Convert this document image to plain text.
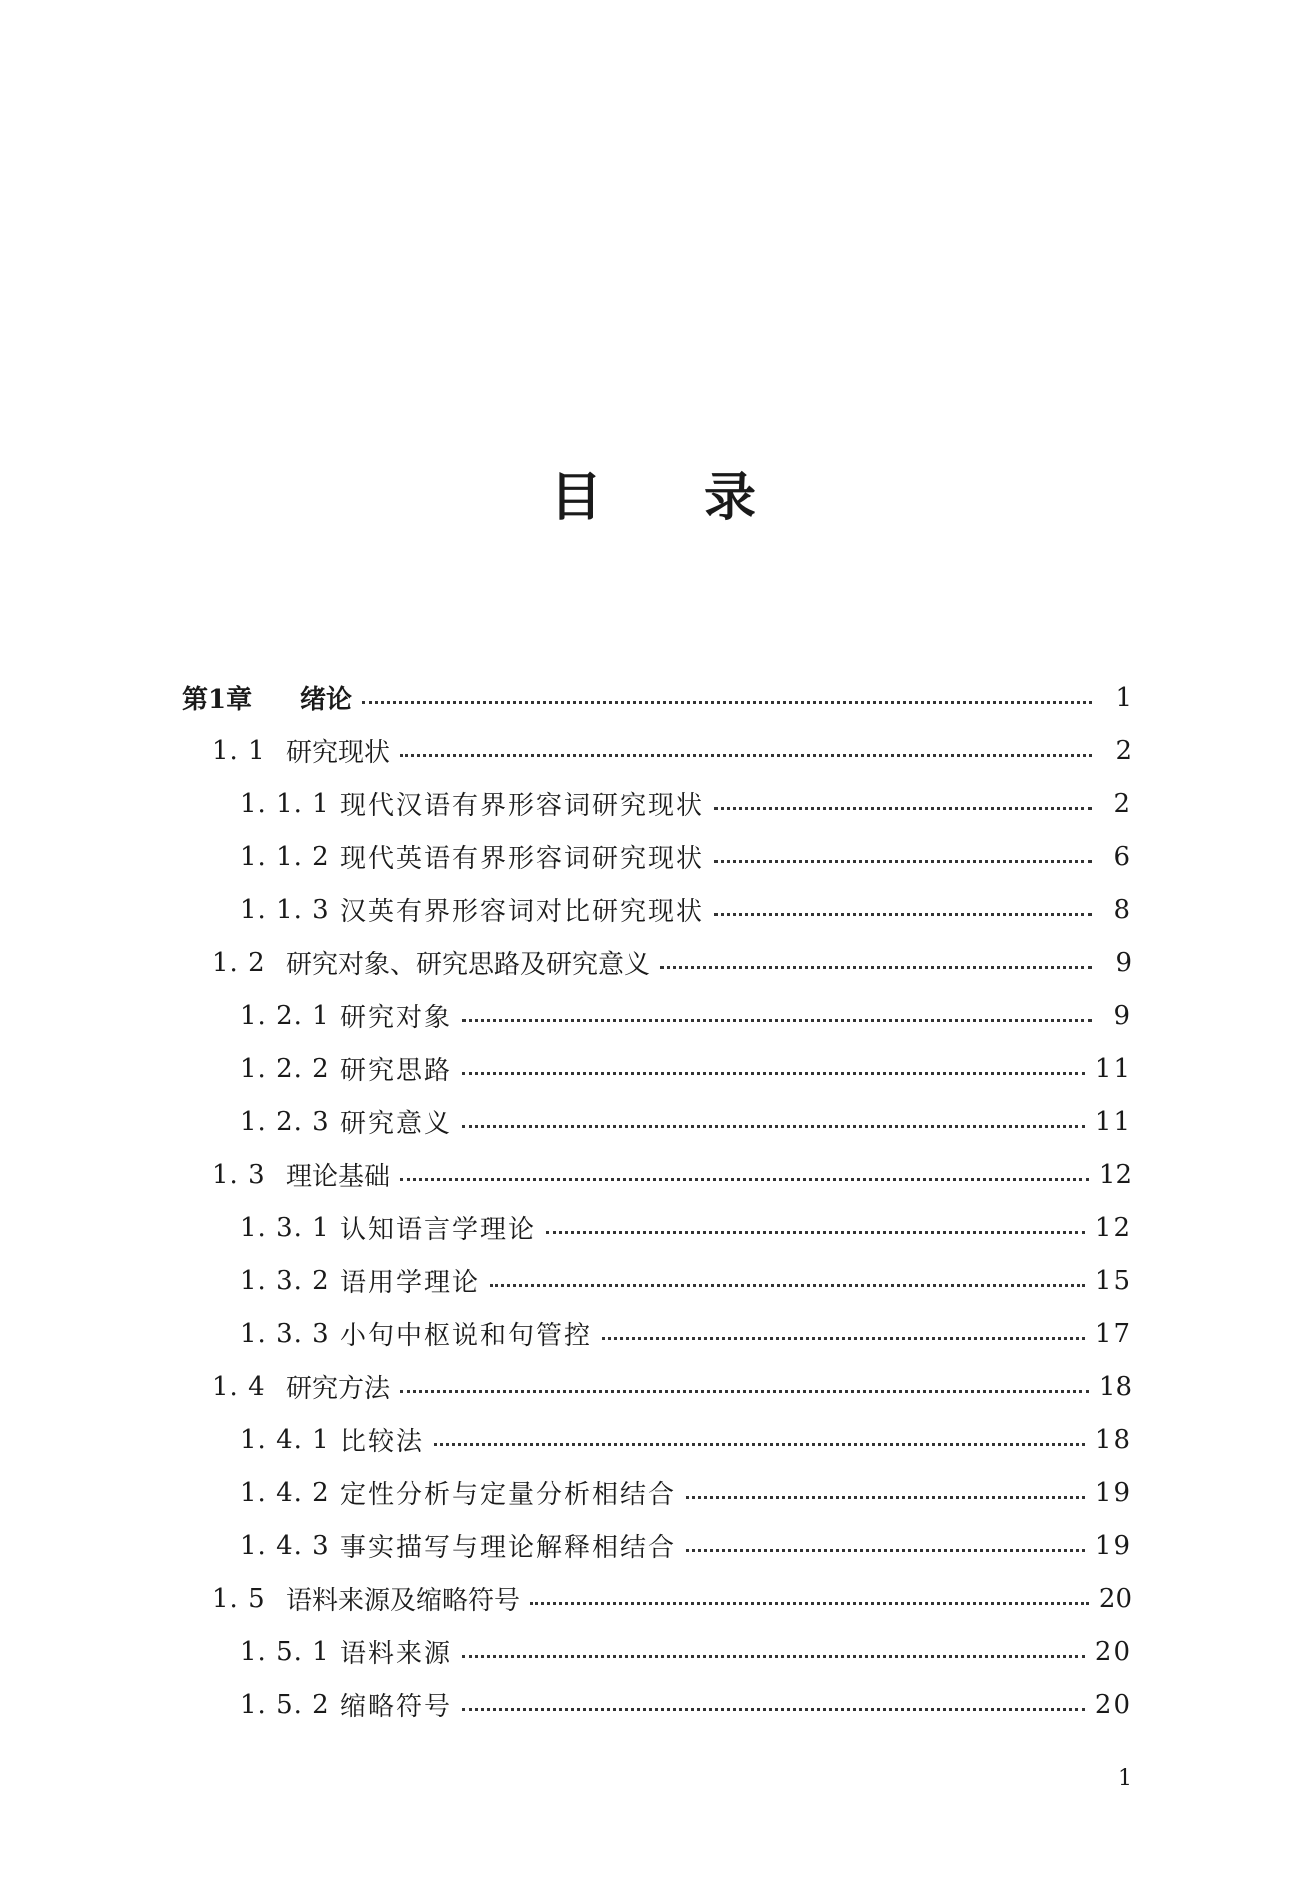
目 录
第1章	绪论	1
1. 1 研究现状	2
1. 1. 1 现代汉语有界形容词研究现状	2
1. 1. 2 现代英语有界形容词研究现状	6
1. 1. 3 汉英有界形容词对比研究现状	8
1. 2 研究对象、研究思路及研究意义	9
1. 2. 1 研究对象	9
1. 2. 2 研究思路	11
1. 2. 3 研究意义	11
1. 3 理论基础	12
1. 3. 1 认知语言学理论	12
1. 3. 2 语用学理论	15
1. 3. 3 小句中枢说和句管控	17
1. 4 研究方法	18
1. 4. 1 比较法	18
1. 4. 2 定性分析与定量分析相结合	19
1. 4. 3 事实描写与理论解释相结合	19
1. 5 语料来源及缩略符号	20
1. 5. 1 语料来源	20
1. 5. 2 缩略符号	20
1
